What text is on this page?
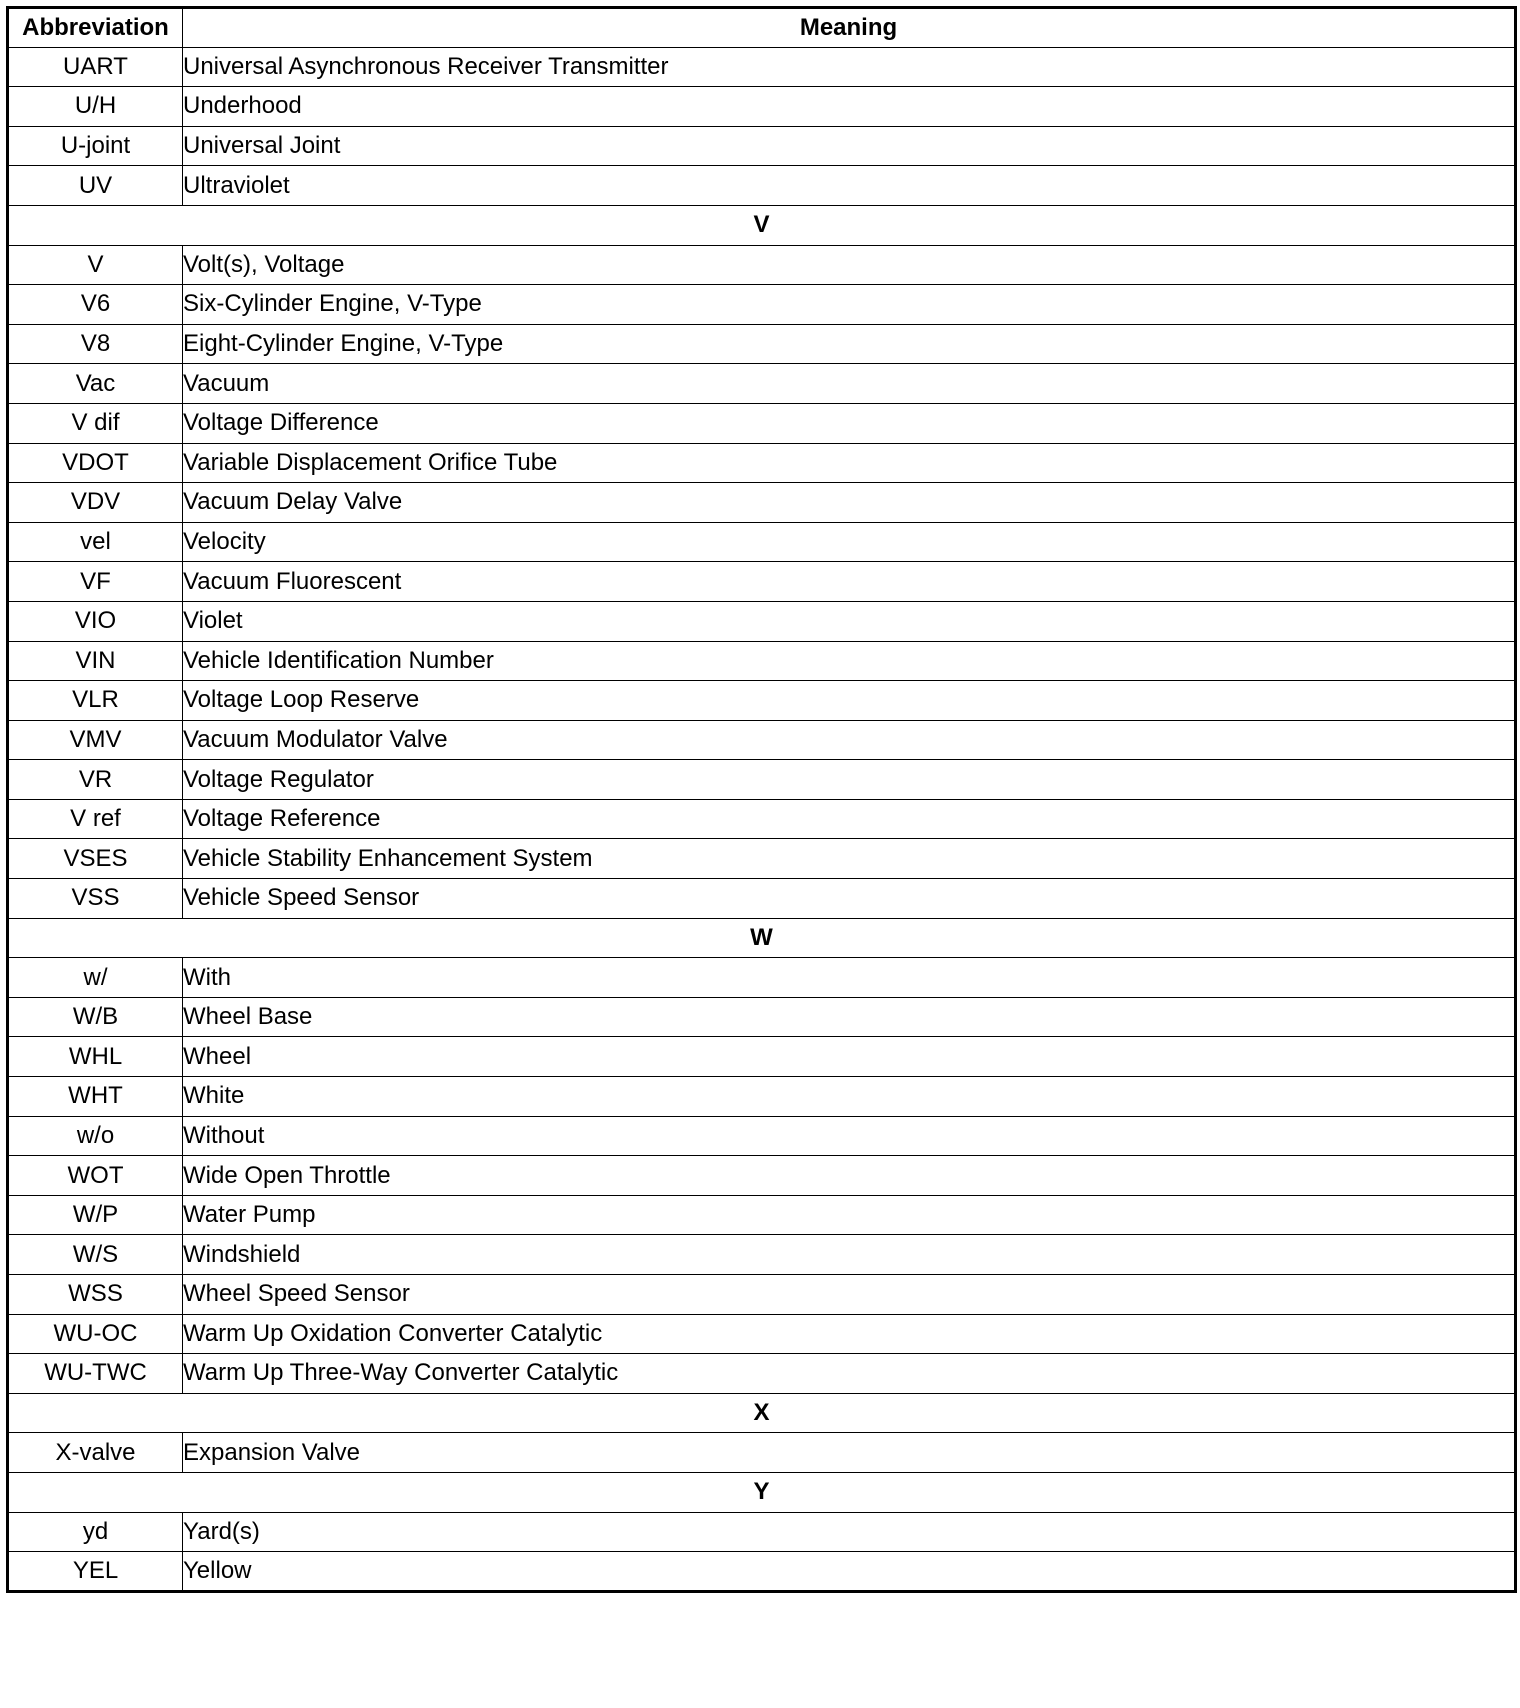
Abbreviation	Meaning
UART	Universal Asynchronous Receiver Transmitter
U/H	Underhood
U-joint	Universal Joint
UV	Ultraviolet
V	
V	Volt(s), Voltage
V6	Six-Cylinder Engine, V-Type
V8	Eight-Cylinder Engine, V-Type
Vac	Vacuum
V dif	Voltage Difference
VDOT	Variable Displacement Orifice Tube
VDV	Vacuum Delay Valve
vel	Velocity
VF	Vacuum Fluorescent
VIO	Violet
VIN	Vehicle Identification Number
VLR	Voltage Loop Reserve
VMV	Vacuum Modulator Valve
VR	Voltage Regulator
V ref	Voltage Reference
VSES	Vehicle Stability Enhancement System
VSS	Vehicle Speed Sensor
W	
w/	With
W/B	Wheel Base
WHL	Wheel
WHT	White
w/o	Without
WOT	Wide Open Throttle
W/P	Water Pump
W/S	Windshield
WSS	Wheel Speed Sensor
WU-OC	Warm Up Oxidation Converter Catalytic
WU-TWC	Warm Up Three-Way Converter Catalytic
X	
X-valve	Expansion Valve
Y	
yd	Yard(s)
YEL	Yellow
